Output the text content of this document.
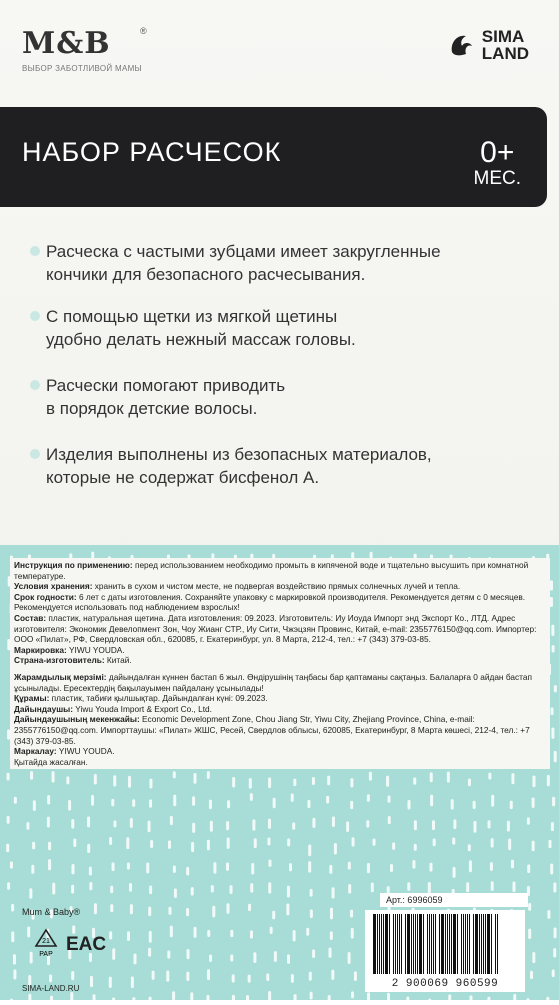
M&B	®
ВЫБОР ЗАБОТЛИВОЙ МАМЫ
SIMA
LAND
НАБОР РАСЧЕСОК	0+
МЕС.
Расческа с частыми зубцами имеет закругленные
кончики для безопасного расчесывания.
С помощью щетки из мягкой щетины
удобно делать нежный массаж головы.
Расчески помогают приводить
в порядок детские волосы.
Изделия выполнены из безопасных материалов,
которые не содержат бисфенол А.

Инструкция по применению: перед использованием необходимо промыть в кипяченой воде и тщательно высушить при комнатной температуре.

Условия хранения: хранить в сухом и чистом месте, не подвергая воздействию прямых солнечных лучей и тепла.

Срок годности: 6 лет с даты изготовления. Сохраняйте упаковку с маркировкой производителя. Рекомендуется детям с 0 месяцев. Рекомендуется использовать под наблюдением взрослых!

Состав: пластик, натуральная щетина. Дата изготовления: 09.2023. Изготовитель: Иу Иоуда Импорт энд Экспорт Ко., ЛТД. Адрес изготовителя: Экономик Девелопмент Зон, Чоу Жианг СТР., Иу Сити, Чжэцзян Провинс, Китай, e-mail: 2355776150@qq.com. Импортер: ООО «Пилат», РФ, Свердловская обл., 620085, г. Екатеринбург, ул. 8 Марта, 212-4, тел.: +7 (343) 379-03-85.

Маркировка: YIWU YOUDA.

Страна-изготовитель: Китай.

Жарамдылық мерзімі: дайындалған күннен бастап 6 жыл. Өндірушінің таңбасы бар қаптаманы сақтаңыз. Балаларға 0 айдан бастап ұсынылады. Ересектердің бақылауымен пайдалану ұсынылады!

Құрамы: пластик, табиғи қылшықтар. Дайындалған күні: 09.2023.

Дайындаушы: Yiwu Youda Import & Export Co., Ltd.

Дайындаушының мекенжайы: Economic Development Zone, Chou Jiang Str, Yiwu City, Zhejiang Province, China, e-mail: 2355776150@qq.com. Импорттаушы: «Пилат» ЖШС, Ресей, Свердлов облысы, 620085, Екатеринбург, 8 Марта көшесі, 212-4, тел.: +7 (343) 379-03-85.

Маркалау: YIWU YOUDA.

Қытайда жасалған.

Mum & Baby®
21
PAP EAC
SIMA-LAND.RU
Арт.: 6996059
2 900069 960599
